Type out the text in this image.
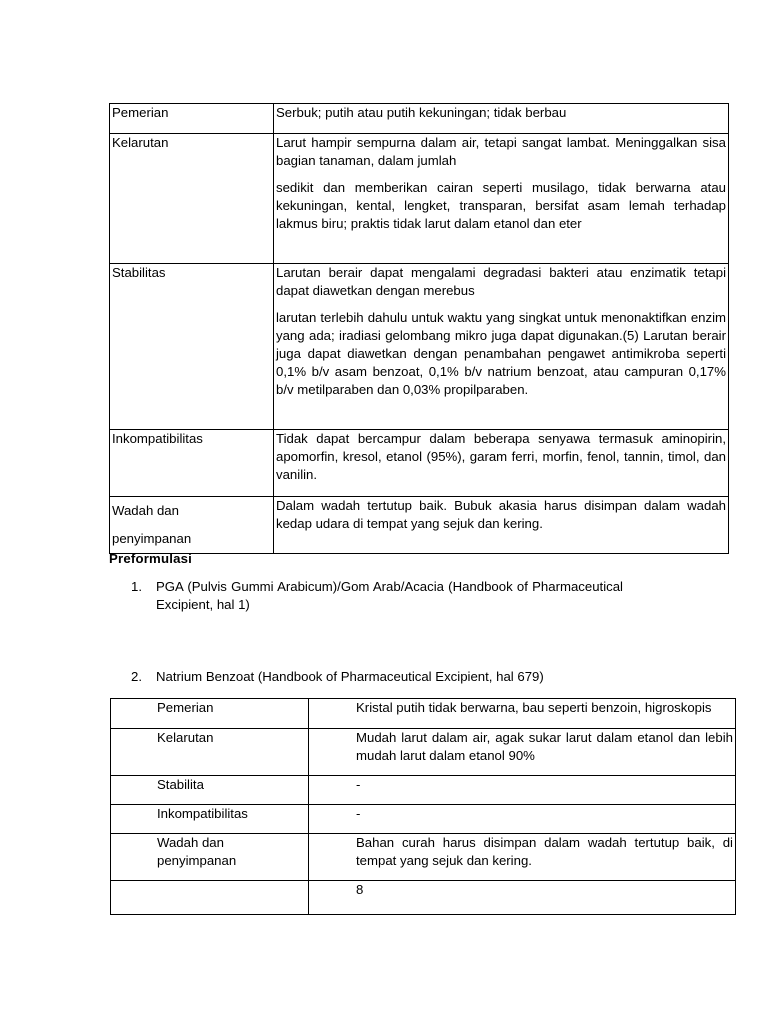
Pemerian	Serbuk; putih atau putih kekuningan; tidak berbau

Kelarutan	Larut hampir sempurna dalam air, tetapi sangat lambat. Meninggalkan sisa bagian tanaman, dalam jumlah

sedikit dan memberikan cairan seperti musilago, tidak berwarna atau kekuningan, kental, lengket, transparan, bersifat asam lemah terhadap lakmus biru; praktis tidak larut dalam etanol dan eter

Stabilitas	Larutan berair dapat mengalami degradasi bakteri atau enzimatik tetapi dapat diawetkan dengan merebus

larutan terlebih dahulu untuk waktu yang singkat untuk menonaktifkan enzim yang ada; iradiasi gelombang mikro juga dapat digunakan.(5) Larutan berair juga dapat diawetkan dengan penambahan pengawet antimikroba seperti 0,1% b/v asam benzoat, 0,1% b/v natrium benzoat, atau campuran 0,17% b/v metilparaben dan 0,03% propilparaben.

Inkompatibilitas	Tidak dapat bercampur dalam beberapa senyawa termasuk aminopirin, apomorfin, kresol, etanol (95%), garam ferri, morfin, fenol, tannin, timol, dan vanilin.

Wadah dan
penyimpanan	Dalam wadah tertutup baik. Bubuk akasia harus disimpan dalam wadah kedap udara di tempat yang sejuk dan kering.

Preformulasi
1.	PGA (Pulvis Gummi Arabicum)/Gom Arab/Acacia (Handbook of Pharmaceutical Excipient, hal 1)
2.	Natrium Benzoat (Handbook of Pharmaceutical Excipient, hal 679)
Pemerian	Kristal putih tidak berwarna, bau seperti benzoin, higroskopis
Kelarutan	Mudah larut dalam air, agak sukar larut dalam etanol dan lebih mudah larut dalam etanol 90%
Stabilita	-
Inkompatibilitas	-
Wadah dan penyimpanan	Bahan curah harus disimpan dalam wadah tertutup baik, di tempat yang sejuk dan kering.
	8
